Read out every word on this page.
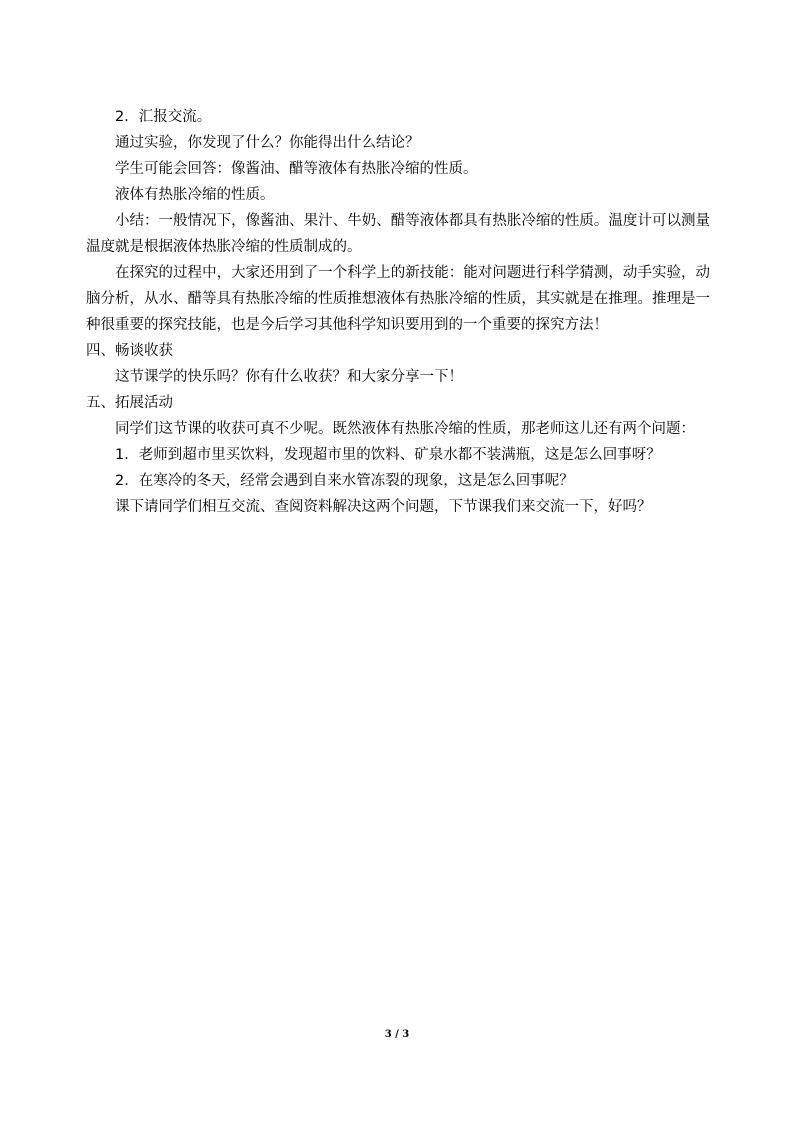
2．汇报交流。

通过实验，你发现了什么？你能得出什么结论？

学生可能会回答：像酱油、醋等液体有热胀冷缩的性质。

液体有热胀冷缩的性质。

小结：一般情况下，像酱油、果汁、牛奶、醋等液体都具有热胀冷缩的性质。温度计可以测量温度就是根据液体热胀冷缩的性质制成的。

在探究的过程中，大家还用到了一个科学上的新技能：能对问题进行科学猜测，动手实验，动脑分析，从水、醋等具有热胀冷缩的性质推想液体有热胀冷缩的性质，其实就是在推理。推理是一种很重要的探究技能，也是今后学习其他科学知识要用到的一个重要的探究方法！

四、畅谈收获

这节课学的快乐吗？你有什么收获？和大家分享一下！

五、拓展活动

同学们这节课的收获可真不少呢。既然液体有热胀冷缩的性质，那老师这儿还有两个问题：

1．老师到超市里买饮料，发现超市里的饮料、矿泉水都不装满瓶，这是怎么回事呀？

2．在寒冷的冬天，经常会遇到自来水管冻裂的现象，这是怎么回事呢？

课下请同学们相互交流、查阅资料解决这两个问题，下节课我们来交流一下，好吗？

3 / 3
